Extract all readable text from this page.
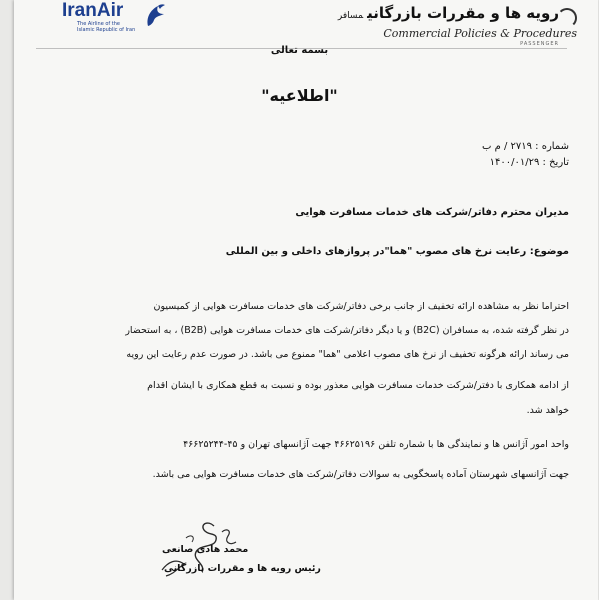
IranAir
The Airline of the
Islamic Republic of Iran
رویه ها و مقررات بازرگانیمسافر
Commercial Policies & Procedures
PASSENGER
بسمه تعالی
"اطلاعیه"
شماره : ۲۷۱۹ / م ب
تاریخ : ۱۴۰۰/۰۱/۲۹
مدیران محترم دفاتر/شرکت های خدمات مسافرت هوایی
موضوع: رعایت نرخ های مصوب "هما"در پروازهای داخلی و بین المللی
احتراما نظر به مشاهده ارائه تخفیف از جانب برخی دفاتر/شرکت های خدمات مسافرت هوایی از کمیسیون
در نظر گرفته شده، به مسافران (B2C) و یا دیگر دفاتر/شرکت های خدمات مسافرت هوایی (B2B) ، به استحضار
می رساند ارائه هرگونه تخفیف از نرخ های مصوب اعلامی "هما" ممنوع می باشد. در صورت عدم رعایت این رویه
از ادامه همکاری با دفتر/شرکت خدمات مسافرت هوایی معذور بوده و نسبت به قطع همکاری با ایشان اقدام
خواهد شد.
واحد امور آژانس ها و نمایندگی ها با شماره تلفن ۴۶۶۲۵۱۹۶ جهت آژانسهای تهران و ۴۵-۴۶۶۲۵۲۴۴
جهت آژانسهای شهرستان آماده پاسخگویی به سوالات دفاتر/شرکت های خدمات مسافرت هوایی می باشد.
محمد هادی صانعی
رئیس رویه ها و مقررات بازرگانی
